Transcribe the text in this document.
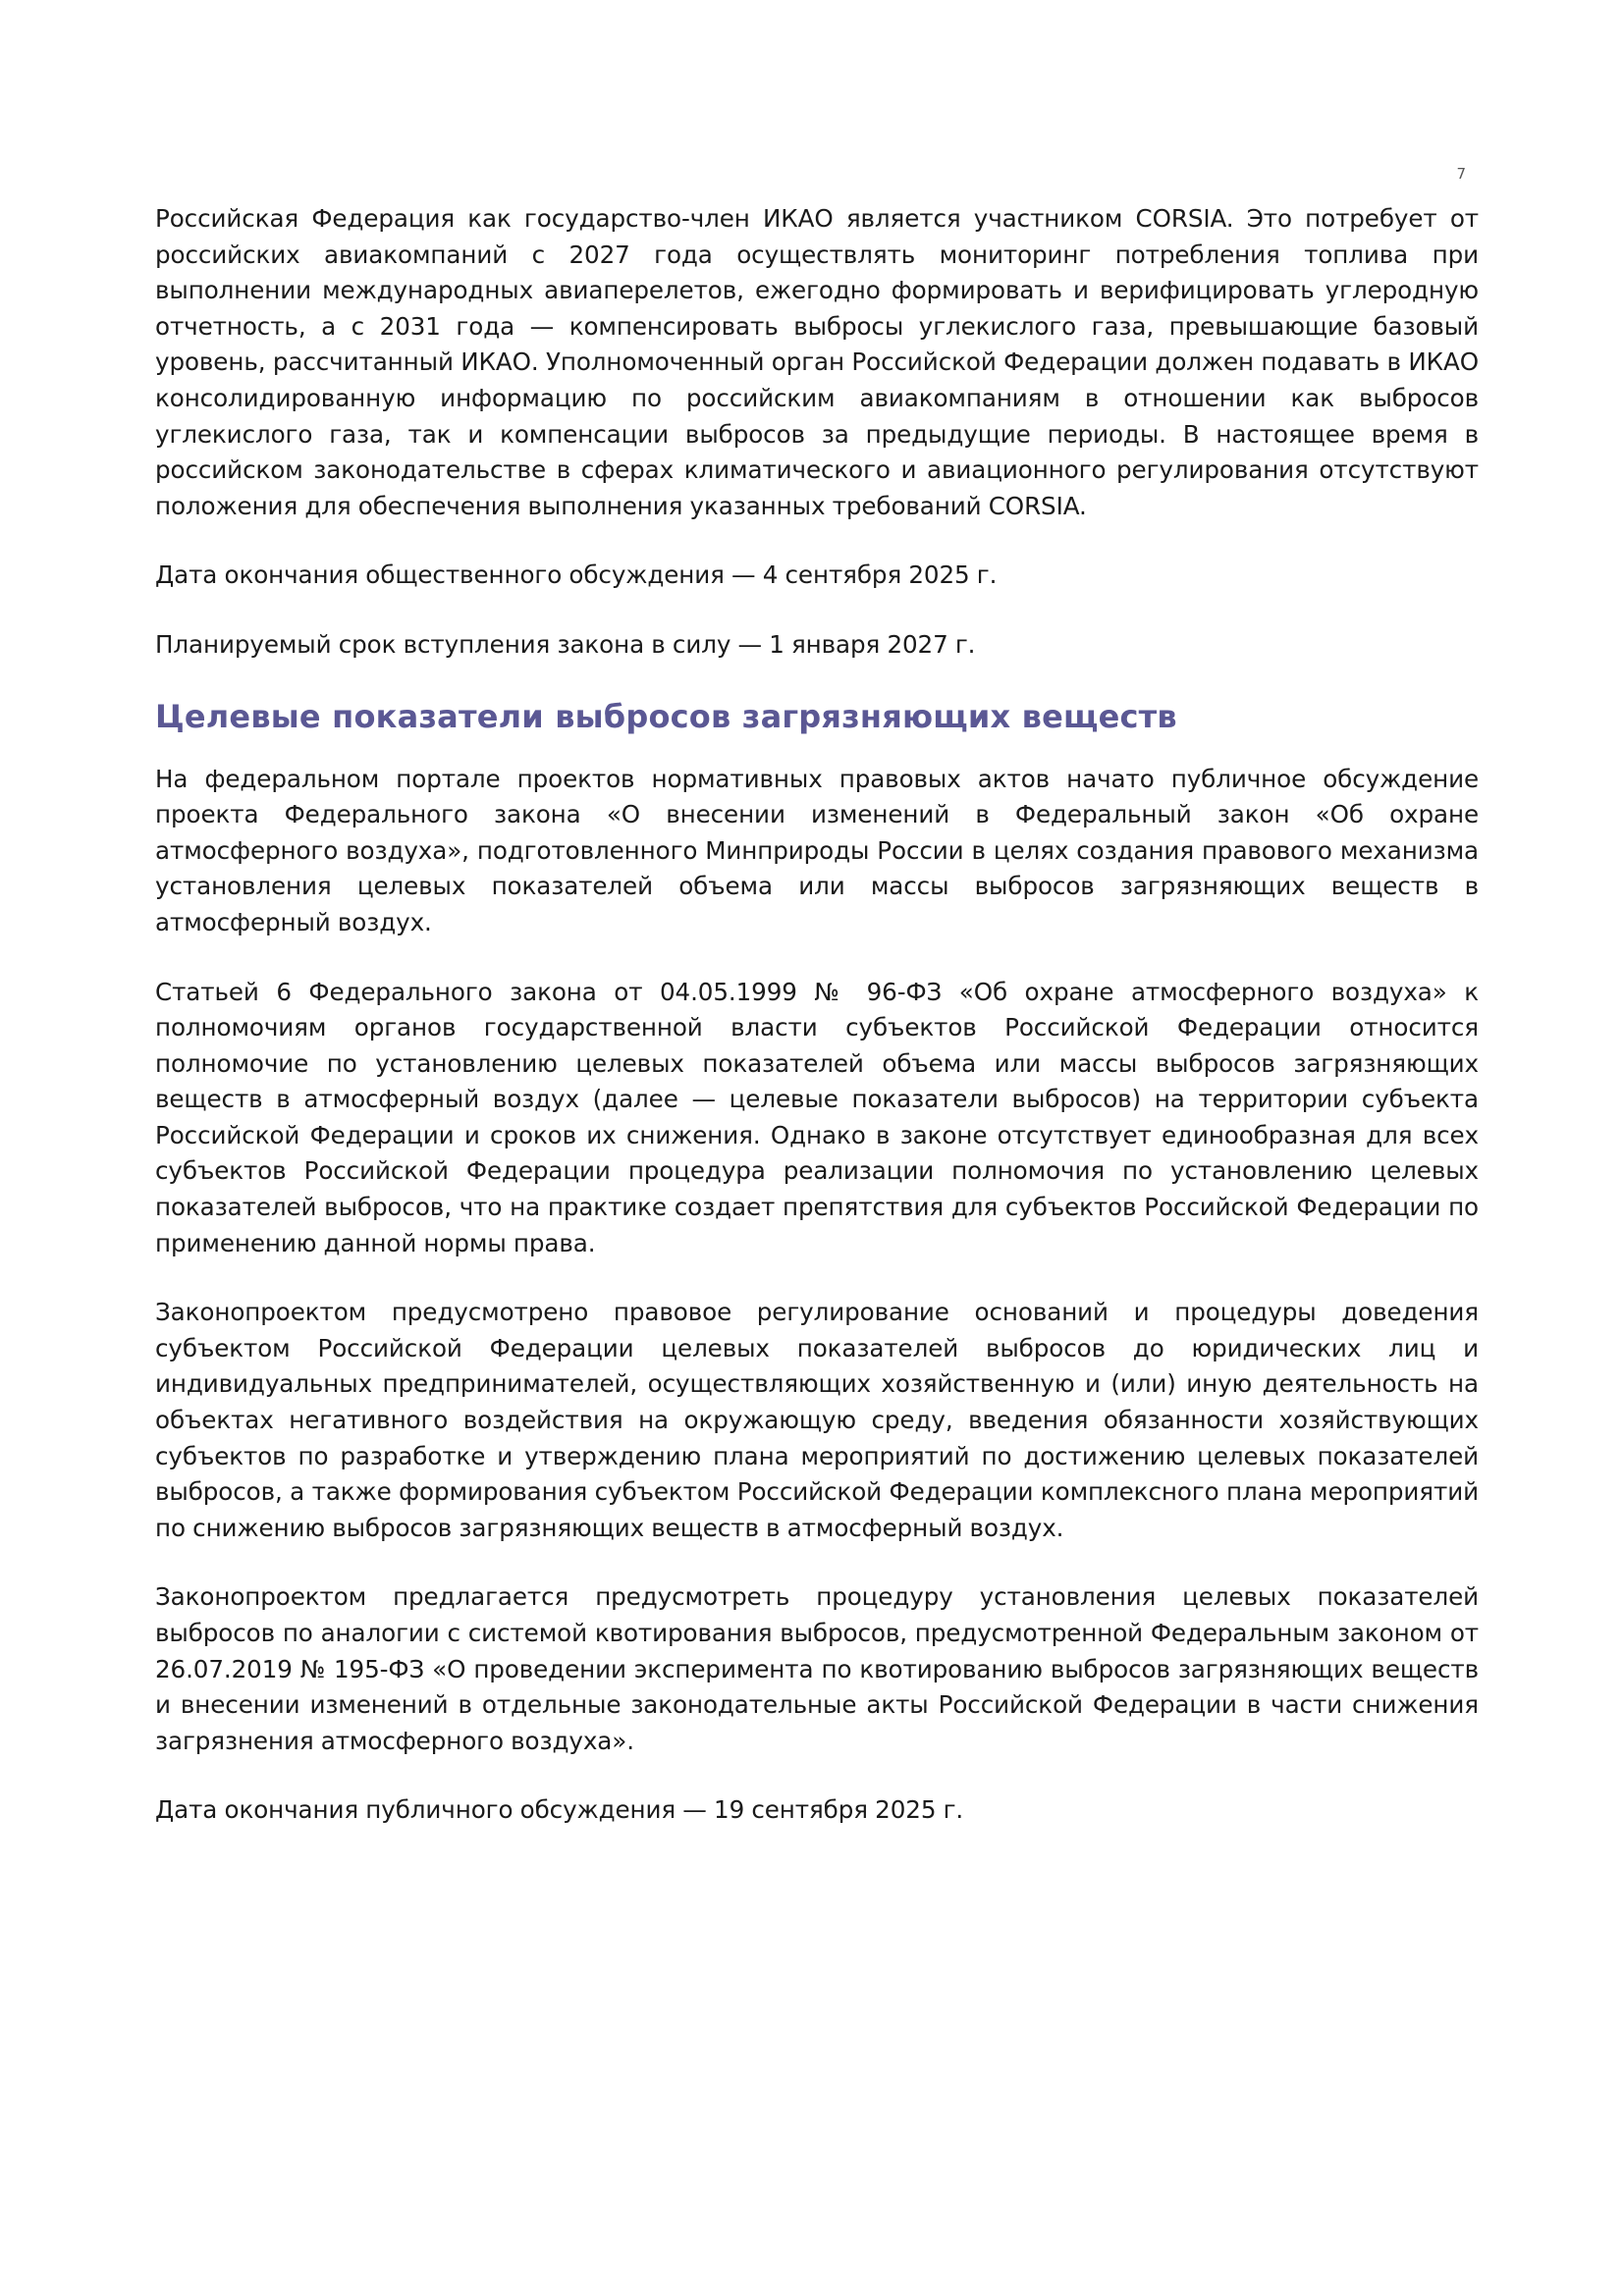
7

Российская Федерация как государство-член ИКАО является участником CORSIA. Это потребует от российских авиакомпаний с 2027 года осуществлять мониторинг потребления топлива при выполнении международных авиаперелетов, ежегодно формировать и верифицировать углеродную отчетность, а с 2031 года — компенсировать выбросы углекислого газа, превышающие базовый уровень, рассчитанный ИКАО. Уполномоченный орган Российской Федерации должен подавать в ИКАО консолидированную информацию по российским авиакомпаниям в отношении как выбросов углекислого газа, так и компенсации выбросов за предыдущие периоды. В настоящее время в российском законодательстве в сферах климатического и авиационного регулирования отсутствуют положения для обеспечения выполнения указанных требований CORSIA.

Дата окончания общественного обсуждения — 4 сентября 2025 г.

Планируемый срок вступления закона в силу — 1 января 2027 г.

Целевые показатели выбросов загрязняющих веществ

На федеральном портале проектов нормативных правовых актов начато публичное обсуждение проекта Федерального закона «О внесении изменений в Федеральный закон «Об охране атмосферного воздуха», подготовленного Минприроды России в целях создания правового механизма установления целевых показателей объема или массы выбросов загрязняющих веществ в атмосферный воздух.

Статьей 6 Федерального закона от 04.05.1999 № 96-ФЗ «Об охране атмосферного воздуха» к полномочиям органов государственной власти субъектов Российской Федерации относится полномочие по установлению целевых показателей объема или массы выбросов загрязняющих веществ в атмосферный воздух (далее — целевые показатели выбросов) на территории субъекта Российской Федерации и сроков их снижения. Однако в законе отсутствует единообразная для всех субъектов Российской Федерации процедура реализации полномочия по установлению целевых показателей выбросов, что на практике создает препятствия для субъектов Российской Федерации по применению данной нормы права.

Законопроектом предусмотрено правовое регулирование оснований и процедуры доведения субъектом Российской Федерации целевых показателей выбросов до юридических лиц и индивидуальных предпринимателей, осуществляющих хозяйственную и (или) иную деятельность на объектах негативного воздействия на окружающую среду, введения обязанности хозяйствующих субъектов по разработке и утверждению плана мероприятий по достижению целевых показателей выбросов, а также формирования субъектом Российской Федерации комплексного плана мероприятий по снижению выбросов загрязняющих веществ в атмосферный воздух.

Законопроектом предлагается предусмотреть процедуру установления целевых показателей выбросов по аналогии с системой квотирования выбросов, предусмотренной Федеральным законом от 26.07.2019 № 195-ФЗ «О проведении эксперимента по квотированию выбросов загрязняющих веществ и внесении изменений в отдельные законодательные акты Российской Федерации в части снижения загрязнения атмосферного воздуха».

Дата окончания публичного обсуждения — 19 сентября 2025 г.
